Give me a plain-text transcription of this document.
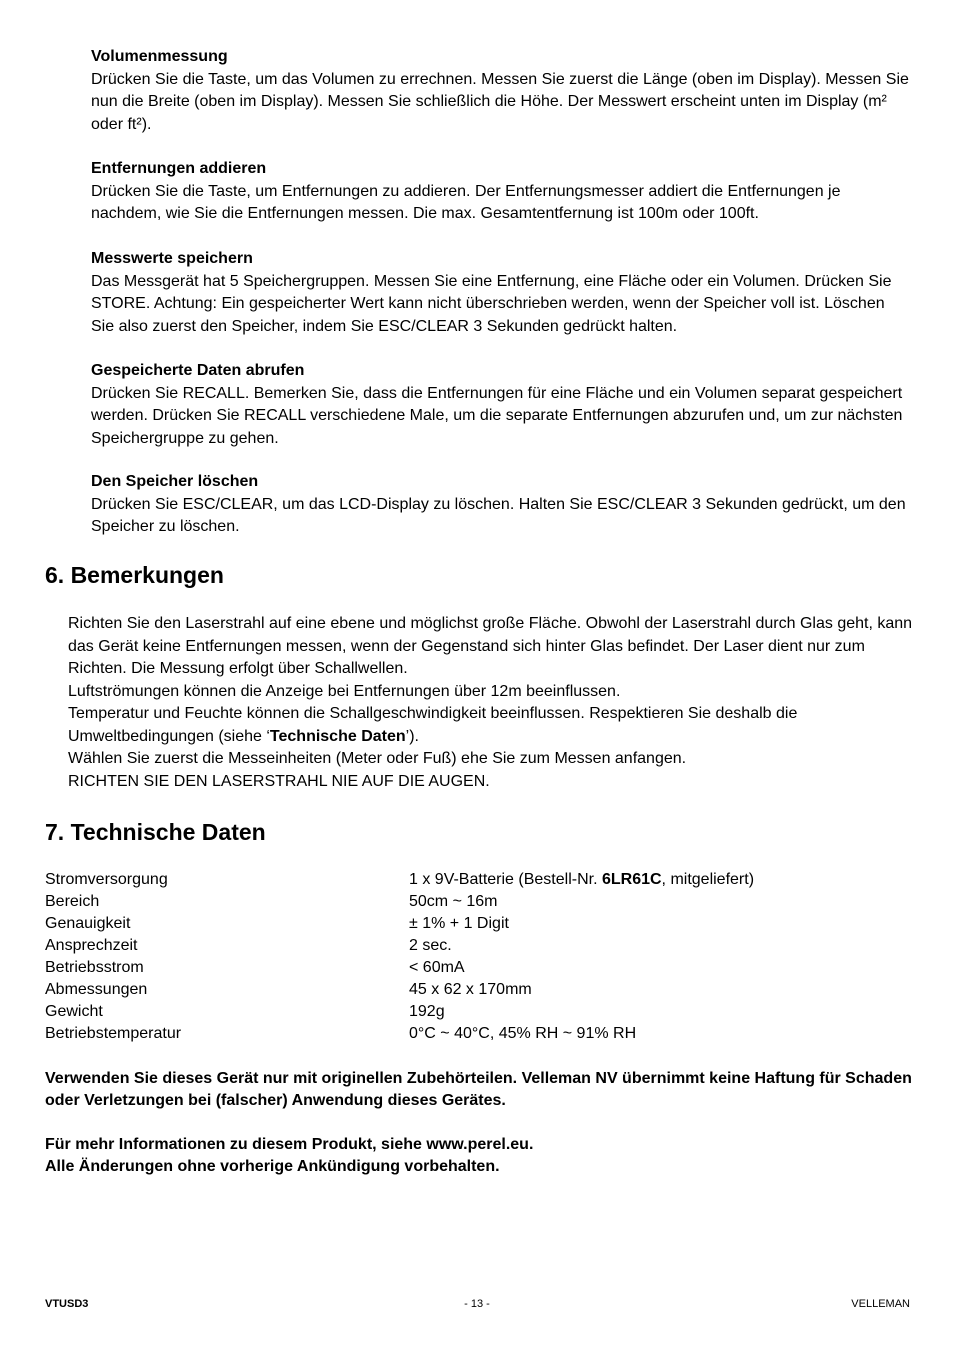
Volumenmessung

Drücken Sie die Taste, um das Volumen zu errechnen. Messen Sie zuerst die Länge (oben im Display). Messen Sie nun die Breite (oben im Display). Messen Sie schließlich die Höhe. Der Messwert erscheint unten im Display (m² oder ft²).

Entfernungen addieren

Drücken Sie die Taste, um Entfernungen zu addieren. Der Entfernungsmesser addiert die Entfernungen je nachdem, wie Sie die Entfernungen messen. Die max. Gesamtentfernung ist 100m oder 100ft.

Messwerte speichern

Das Messgerät hat 5 Speichergruppen. Messen Sie eine Entfernung, eine Fläche oder ein Volumen. Drücken Sie STORE. Achtung: Ein gespeicherter Wert kann nicht überschrieben werden, wenn der Speicher voll ist. Löschen Sie also zuerst den Speicher, indem Sie ESC/CLEAR 3 Sekunden gedrückt halten.

Gespeicherte Daten abrufen

Drücken Sie RECALL. Bemerken Sie, dass die Entfernungen für eine Fläche und ein Volumen separat gespeichert werden. Drücken Sie RECALL verschiedene Male, um die separate Entfernungen abzurufen und, um zur nächsten Speichergruppe zu gehen.

Den Speicher löschen

Drücken Sie ESC/CLEAR, um das LCD-Display zu löschen. Halten Sie ESC/CLEAR 3 Sekunden gedrückt, um den Speicher zu löschen.

6. Bemerkungen

Richten Sie den Laserstrahl auf eine ebene und möglichst große Fläche. Obwohl der Laserstrahl durch Glas geht, kann das Gerät keine Entfernungen messen, wenn der Gegenstand sich hinter Glas befindet. Der Laser dient nur zum Richten. Die Messung erfolgt über Schallwellen.

Luftströmungen können die Anzeige bei Entfernungen über 12m beeinflussen.

Temperatur und Feuchte können die Schallgeschwindigkeit beeinflussen. Respektieren Sie deshalb die Umweltbedingungen (siehe ‘Technische Daten’).

Wählen Sie zuerst die Messeinheiten (Meter oder Fuß) ehe Sie zum Messen anfangen.

RICHTEN SIE DEN LASERSTRAHL NIE AUF DIE AUGEN.

7. Technische Daten
Stromversorgung	1 x 9V-Batterie (Bestell-Nr. 6LR61C, mitgeliefert)
Bereich	50cm ~ 16m
Genauigkeit	± 1% + 1 Digit
Ansprechzeit	2 sec.
Betriebsstrom	< 60mA
Abmessungen	45 x 62 x 170mm
Gewicht	192g
Betriebstemperatur	0°C ~ 40°C, 45% RH ~ 91% RH

Verwenden Sie dieses Gerät nur mit originellen Zubehörteilen. Velleman NV übernimmt keine Haftung für Schaden oder Verletzungen bei (falscher) Anwendung dieses Gerätes.

Für mehr Informationen zu diesem Produkt, siehe www.perel.eu.

Alle Änderungen ohne vorherige Ankündigung vorbehalten.

VTUSD3	- 13 -	VELLEMAN
